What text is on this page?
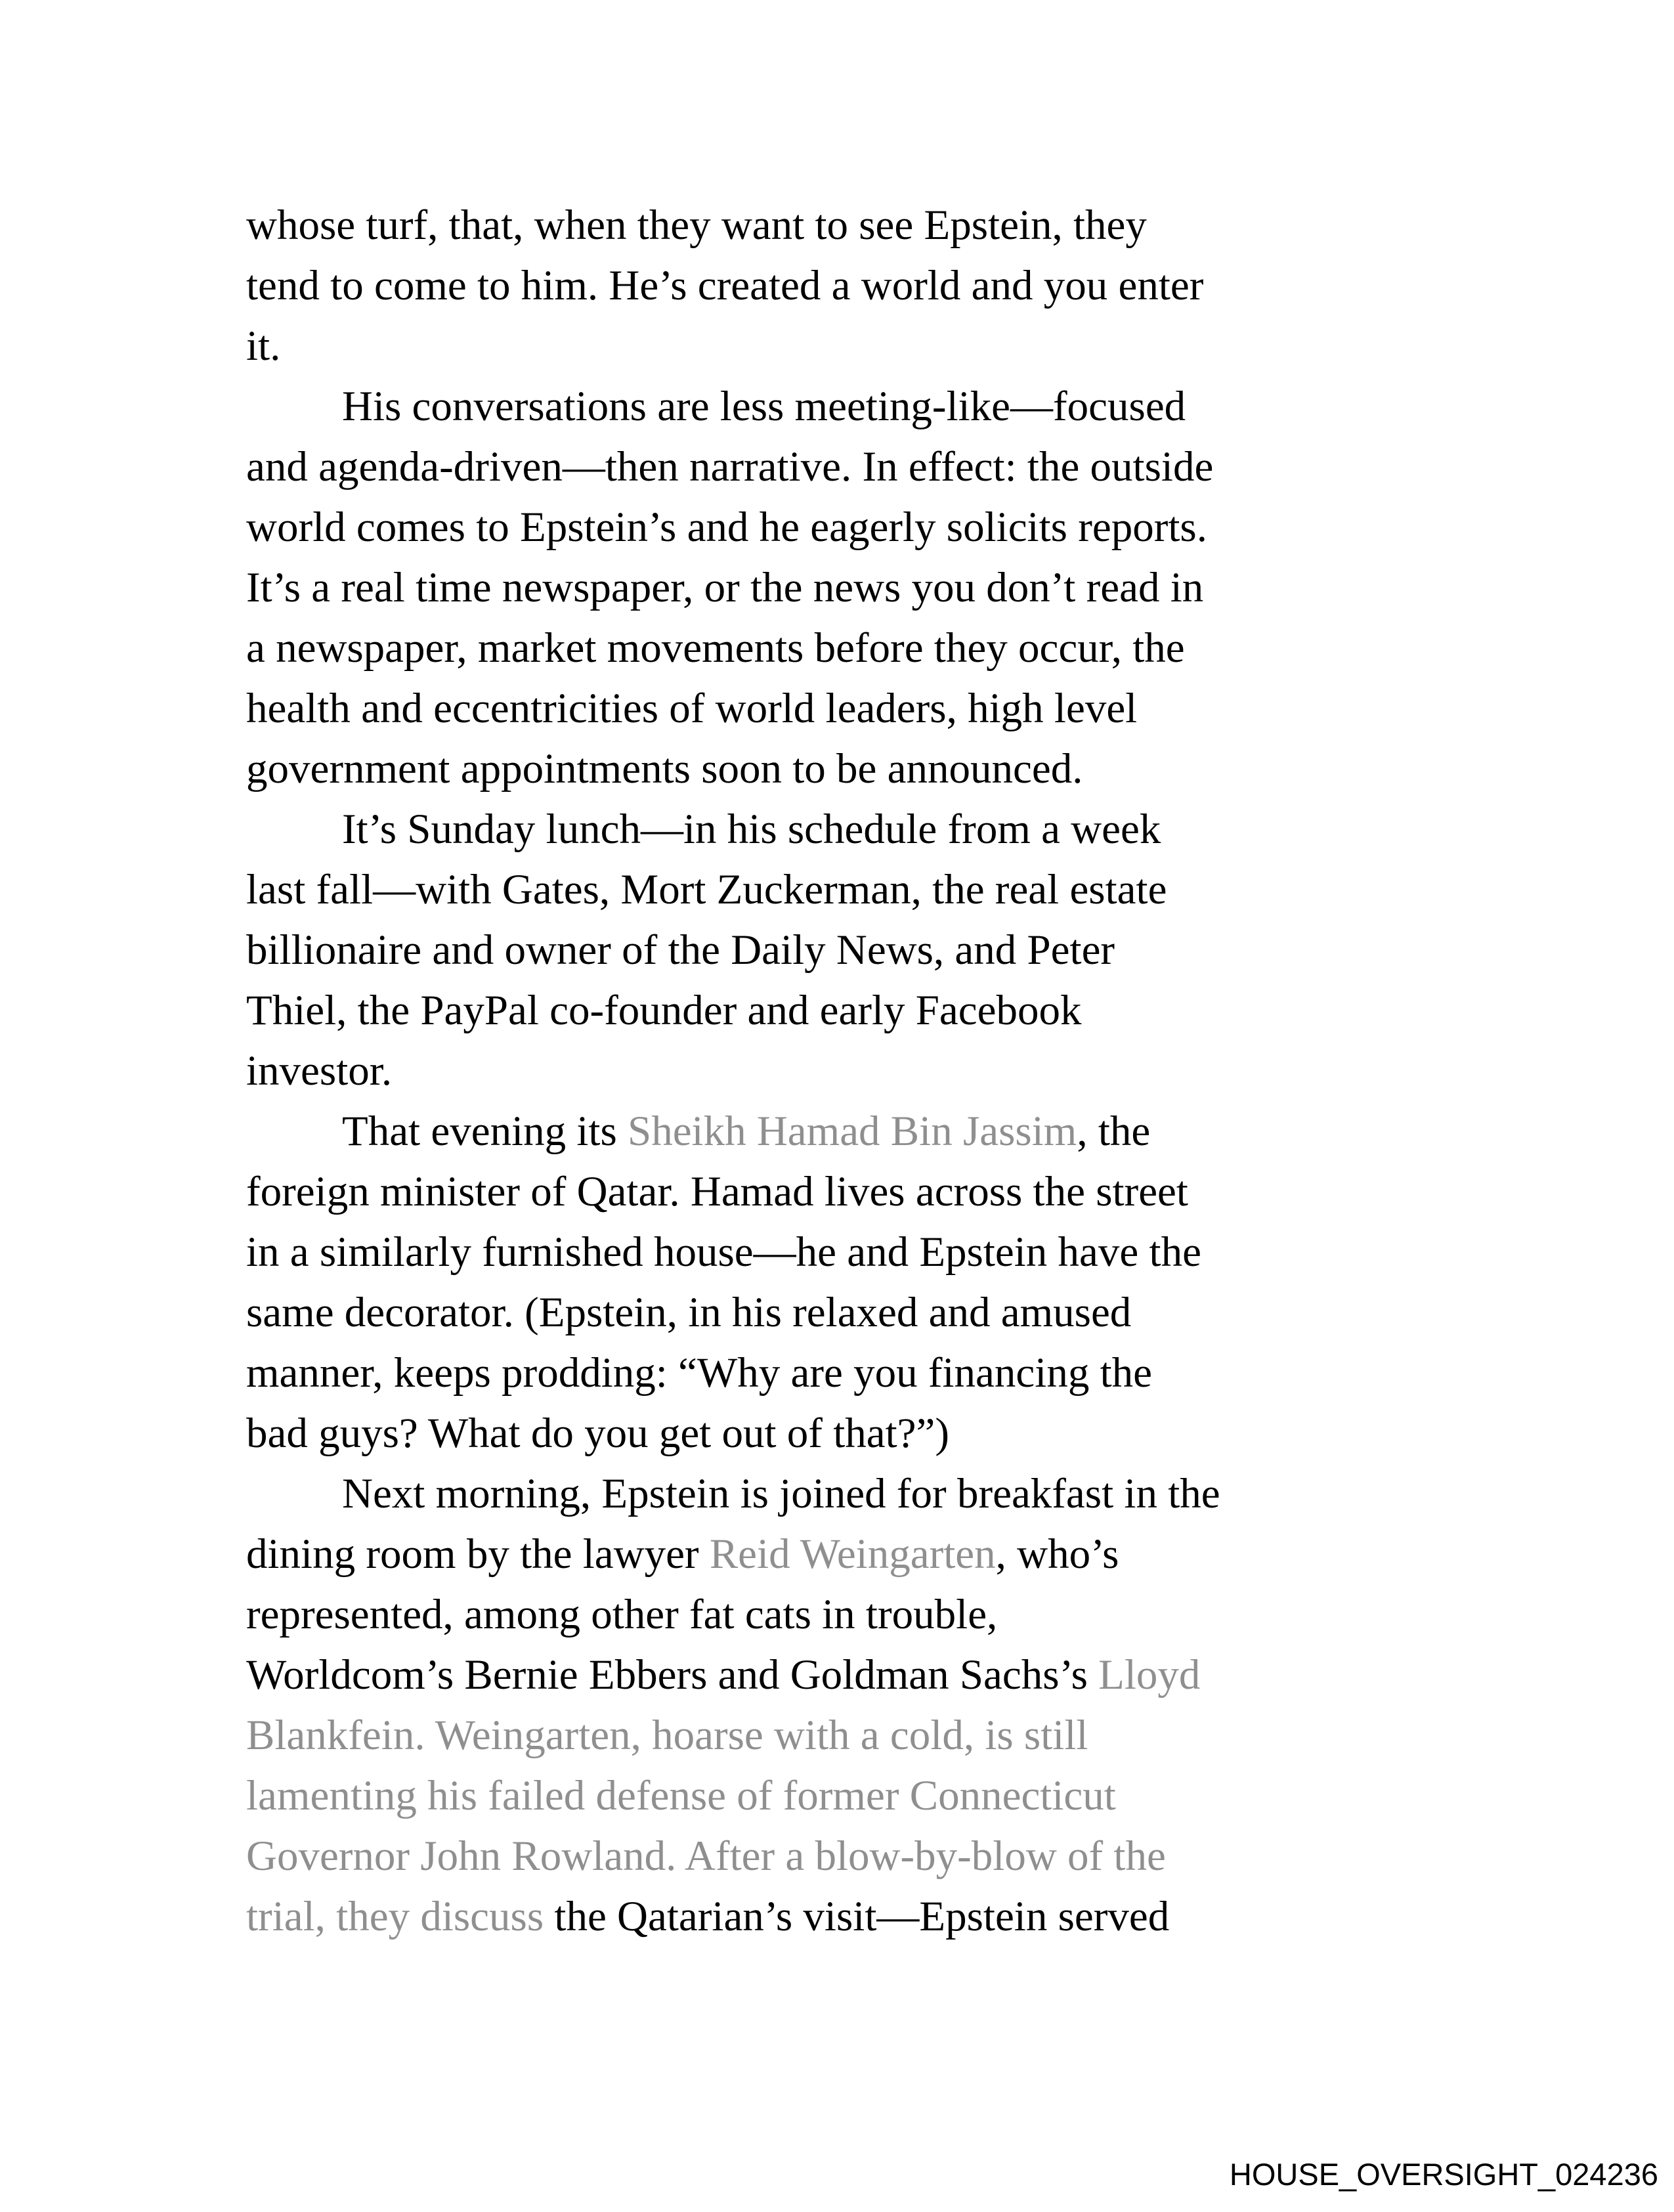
whose turf, that, when they want to see Epstein, they
tend to come to him. He’s created a world and you enter
it.
His conversations are less meeting-like—focused
and agenda-driven—then narrative. In effect: the outside
world comes to Epstein’s and he eagerly solicits reports.
It’s a real time newspaper, or the news you don’t read in
a newspaper, market movements before they occur, the
health and eccentricities of world leaders, high level
government appointments soon to be announced.
It’s Sunday lunch—in his schedule from a week
last fall—with Gates, Mort Zuckerman, the real estate
billionaire and owner of the Daily News, and Peter
Thiel, the PayPal co-founder and early Facebook
investor.
That evening its Sheikh Hamad Bin Jassim, the
foreign minister of Qatar. Hamad lives across the street
in a similarly furnished house—he and Epstein have the
same decorator. (Epstein, in his relaxed and amused
manner, keeps prodding: “Why are you financing the
bad guys? What do you get out of that?”)
Next morning, Epstein is joined for breakfast in the
dining room by the lawyer Reid Weingarten, who’s
represented, among other fat cats in trouble,
Worldcom’s Bernie Ebbers and Goldman Sachs’s Lloyd
Blankfein. Weingarten, hoarse with a cold, is still
lamenting his failed defense of former Connecticut
Governor John Rowland. After a blow-by-blow of the
trial, they discuss the Qatarian’s visit—Epstein served
HOUSE_OVERSIGHT_024236
